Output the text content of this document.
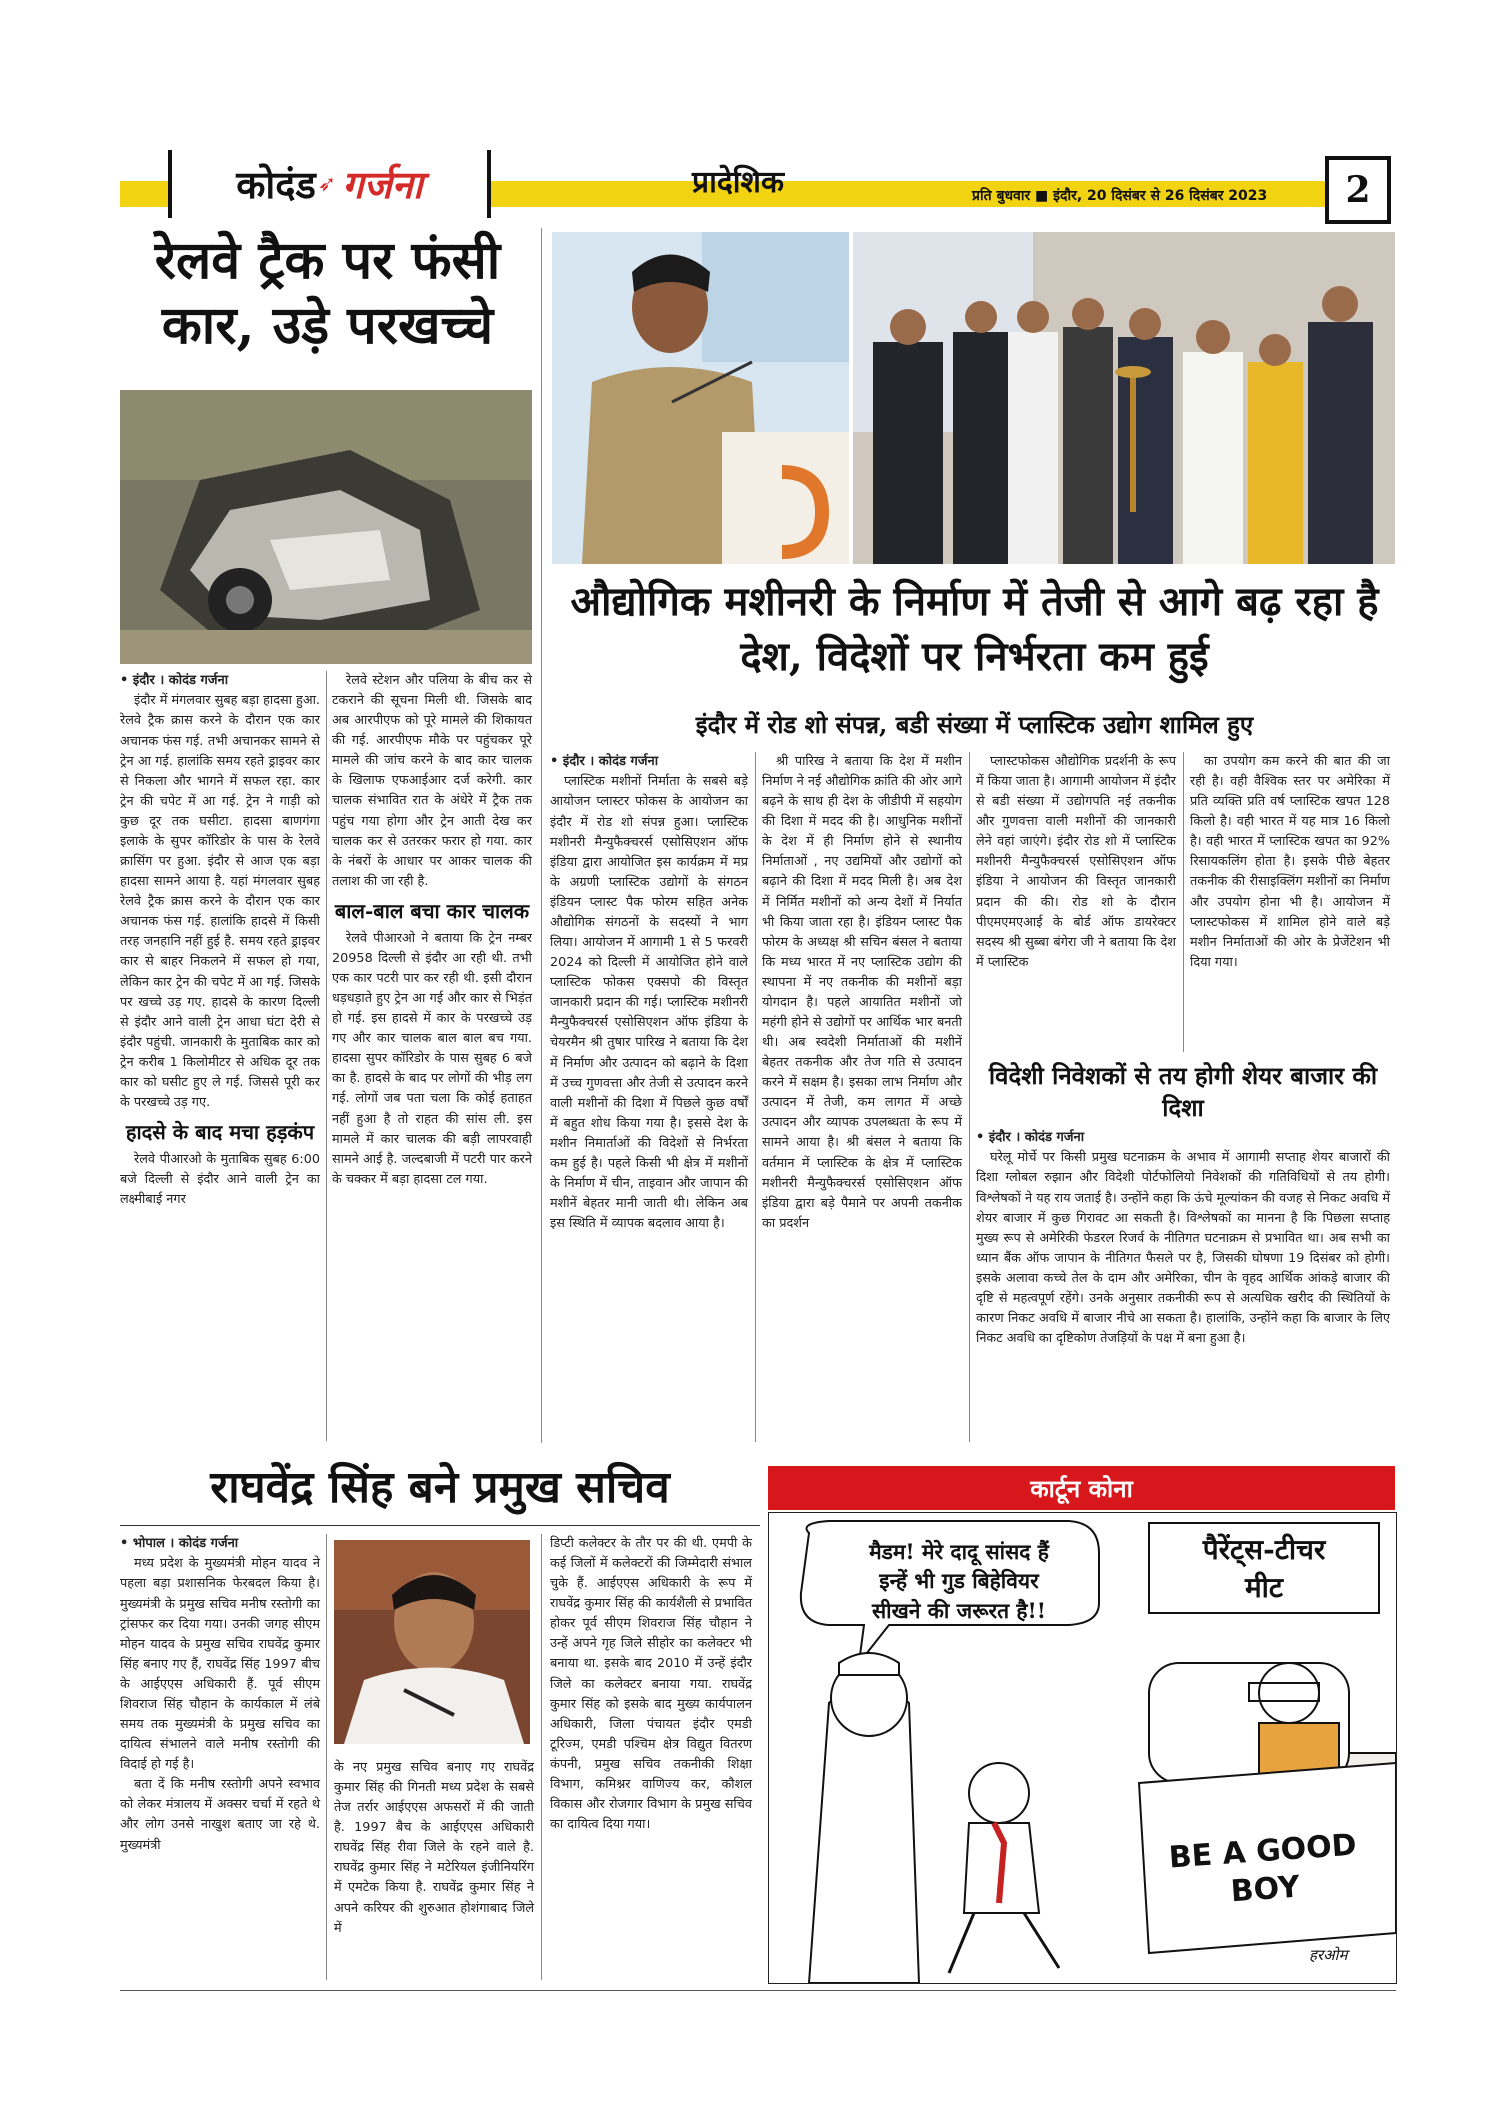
कोदंड ➶ गर्जना	प्रादेशिक	प्रति बुधवार ■ इंदौर, 20 दिसंबर से 26 दिसंबर 2023	2
रेलवे ट्रैक पर फंसी कार, उड़े परखच्चे
• इंदौर । कोदंड गर्जना

इंदौर में मंगलवार सुबह बड़ा हादसा हुआ. रेलवे ट्रैक क्रास करने के दौरान एक कार अचानक फंस गई. तभी अचानकर सामने से ट्रेन आ गई. हालांकि समय रहते ड्राइवर कार से निकला और भागने में सफल रहा. कार ट्रेन की चपेट में आ गई. ट्रेन ने गाड़ी को कुछ दूर तक घसीटा. हादसा बाणगंगा इलाके के सुपर कॉरिडोर के पास के रेलवे क्रासिंग पर हुआ. इंदौर से आज एक बड़ा हादसा सामने आया है. यहां मंगलवार सुबह रेलवे ट्रैक क्रास करने के दौरान एक कार अचानक फंस गई. हालांकि हादसे में किसी तरह जनहानि नहीं हुई है. समय रहते ड्राइवर कार से बाहर निकलने में सफल हो गया, लेकिन कार ट्रेन की चपेट में आ गई. जिसके पर खच्चे उड़ गए. हादसे के कारण दिल्ली से इंदौर आने वाली ट्रेन आधा घंटा देरी से इंदौर पहुंची. जानकारी के मुताबिक कार को ट्रेन करीब 1 किलोमीटर से अधिक दूर तक कार को घसीट हुए ले गई. जिससे पूरी कर के परखच्चे उड़ गए.

हादसे के बाद मचा हड़कंप

रेलवे पीआरओ के मुताबिक सुबह 6:00 बजे दिल्ली से इंदौर आने वाली ट्रेन का लक्ष्मीबाई नगर

रेलवे स्टेशन और पलिया के बीच कर से टकराने की सूचना मिली थी. जिसके बाद अब आरपीएफ को पूरे मामले की शिकायत की गई. आरपीएफ मौके पर पहुंचकर पूरे मामले की जांच करने के बाद कार चालक के खिलाफ एफआईआर दर्ज करेगी. कार चालक संभावित रात के अंधेरे में ट्रैक तक पहुंच गया होगा और ट्रेन आती देख कर चालक कर से उतरकर फरार हो गया. कार के नंबरों के आधार पर आकर चालक की तलाश की जा रही है.

बाल-बाल बचा कार चालक

रेलवे पीआरओ ने बताया कि ट्रेन नम्बर 20958 दिल्ली से इंदौर आ रही थी. तभी एक कार पटरी पार कर रही थी. इसी दौरान धड़धड़ाते हुए ट्रेन आ गई और कार से भिड़ंत हो गई. इस हादसे में कार के परखच्चे उड़ गए और कार चालक बाल बाल बच गया. हादसा सुपर कॉरिडोर के पास सुबह 6 बजे का है. हादसे के बाद पर लोगों की भीड़ लग गई. लोगों जब पता चला कि कोई हताहत नहीं हुआ है तो राहत की सांस ली. इस मामले में कार चालक की बड़ी लापरवाही सामने आई है. जल्दबाजी में पटरी पार करने के चक्कर में बड़ा हादसा टल गया.

औद्योगिक मशीनरी के निर्माण में तेजी से आगे बढ़ रहा है देश, विदेशों पर निर्भरता कम हुई
इंदौर में रोड शो संपन्न, बडी संख्या में प्लास्टिक उद्योग शामिल हुए
• इंदौर । कोदंड गर्जना

प्लास्टिक मशीनों निर्माता के सबसे बड़े आयोजन प्लास्टर फोकस के आयोजन का इंदौर में रोड शो संपन्न हुआ। प्लास्टिक मशीनरी मैन्युफैक्चरर्स एसोसिएशन ऑफ इंडिया द्वारा आयोजित इस कार्यक्रम में मप्र के अग्रणी प्लास्टिक उद्योगों के संगठन इंडियन प्लास्ट पैक फोरम सहित अनेक औद्योगिक संगठनों के सदस्यों ने भाग लिया। आयोजन में आगामी 1 से 5 फरवरी 2024 को दिल्ली में आयोजित होने वाले प्लास्टिक फोकस एक्सपो की विस्तृत जानकारी प्रदान की गई। प्लास्टिक मशीनरी मैन्युफैक्चरर्स एसोसिएशन ऑफ इंडिया के चेयरमैन श्री तुषार पारिख ने बताया कि देश में निर्माण और उत्पादन को बढ़ाने के दिशा में उच्च गुणवत्ता और तेजी से उत्पादन करने वाली मशीनों की दिशा में पिछले कुछ वर्षों में बहुत शोध किया गया है। इससे देश के मशीन निमार्ताओं की विदेशों से निर्भरता कम हुई है। पहले किसी भी क्षेत्र में मशीनों के निर्माण में चीन, ताइवान और जापान की मशीनें बेहतर मानी जाती थी। लेकिन अब इस स्थिति में व्यापक बदलाव आया है।

श्री पारिख ने बताया कि देश में मशीन निर्माण ने नई औद्योगिक क्रांति की ओर आगे बढ़ने के साथ ही देश के जीडीपी में सहयोग की दिशा में मदद की है। आधुनिक मशीनों के देश में ही निर्माण होने से स्थानीय निर्माताओं , नए उद्यमियों और उद्योगों को बढ़ाने की दिशा में मदद मिली है। अब देश में निर्मित मशीनों को अन्य देशों में निर्यात भी किया जाता रहा है। इंडियन प्लास्ट पैक फोरम के अध्यक्ष श्री सचिन बंसल ने बताया कि मध्य भारत में नए प्लास्टिक उद्योग की स्थापना में नए तकनीक की मशीनों बड़ा योगदान है। पहले आयातित मशीनों जो महंगी होने से उद्योगों पर आर्थिक भार बनती थी। अब स्वदेशी निर्माताओं की मशीनें बेहतर तकनीक और तेज गति से उत्पादन करने में सक्षम है। इसका लाभ निर्माण और उत्पादन में तेजी, कम लागत में अच्छे उत्पादन और व्यापक उपलब्धता के रूप में सामने आया है। श्री बंसल ने बताया कि वर्तमान में प्लास्टिक के क्षेत्र में प्लास्टिक मशीनरी मैन्युफैक्चरर्स एसोसिएशन ऑफ इंडिया द्वारा बड़े पैमाने पर अपनी तकनीक का प्रदर्शन

प्लास्टफोकस औद्योगिक प्रदर्शनी के रूप में किया जाता है। आगामी आयोजन में इंदौर से बडी संख्या में उद्योगपति नई तकनीक और गुणवत्ता वाली मशीनों की जानकारी लेने वहां जाएंगे। इंदौर रोड शो में प्लास्टिक मशीनरी मैन्युफैक्चरर्स एसोसिएशन ऑफ इंडिया ने आयोजन की विस्तृत जानकारी प्रदान की की। रोड शो के दौरान पीएमएमएआई के बोर्ड ऑफ डायरेक्टर सदस्य श्री सुब्बा बंगेरा जी ने बताया कि देश में प्लास्टिक

का उपयोग कम करने की बात की जा रही है। वही वैश्विक स्तर पर अमेरिका में प्रति व्यक्ति प्रति वर्ष प्लास्टिक खपत 128 किलो है। वही भारत में यह मात्र 16 किलो है। वही भारत में प्लास्टिक खपत का 92% रिसायकलिंग होता है। इसके पीछे बेहतर तकनीक की रीसाइक्लिंग मशीनों का निर्माण और उपयोग होना भी है। आयोजन में प्लास्टफोकस में शामिल होने वाले बड़े मशीन निर्माताओं की ओर के प्रेजेंटेशन भी दिया गया।

विदेशी निवेशकों से तय होगी शेयर बाजार की दिशा
• इंदौर । कोदंड गर्जना

घरेलू मोर्चे पर किसी प्रमुख घटनाक्रम के अभाव में आगामी सप्ताह शेयर बाजारों की दिशा ग्लोबल रुझान और विदेशी पोर्टफोलियो निवेशकों की गतिविधियों से तय होगी। विश्लेषकों ने यह राय जताई है। उन्होंने कहा कि ऊंचे मूल्यांकन की वजह से निकट अवधि में शेयर बाजार में कुछ गिरावट आ सकती है। विश्लेषकों का मानना है कि पिछला सप्ताह मुख्य रूप से अमेरिकी फेडरल रिजर्व के नीतिगत घटनाक्रम से प्रभावित था। अब सभी का ध्यान बैंक ऑफ जापान के नीतिगत फैसले पर है, जिसकी घोषणा 19 दिसंबर को होगी। इसके अलावा कच्चे तेल के दाम और अमेरिका, चीन के वृहद आर्थिक आंकड़े बाजार की दृष्टि से महत्वपूर्ण रहेंगे। उनके अनुसार तकनीकी रूप से अत्यधिक खरीद की स्थितियों के कारण निकट अवधि में बाजार नीचे आ सकता है। हालांकि, उन्होंने कहा कि बाजार के लिए निकट अवधि का दृष्टिकोण तेजड़ियों के पक्ष में बना हुआ है।

राघवेंद्र सिंह बने प्रमुख सचिव
• भोपाल । कोदंड गर्जना

मध्य प्रदेश के मुख्यमंत्री मोहन यादव ने पहला बड़ा प्रशासनिक फेरबदल किया है। मुख्यमंत्री के प्रमुख सचिव मनीष रस्तोगी का ट्रांसफर कर दिया गया। उनकी जगह सीएम मोहन यादव के प्रमुख सचिव राघवेंद्र कुमार सिंह बनाए गए हैं, राघवेंद्र सिंह 1997 बीच के आईएएस अधिकारी हैं. पूर्व सीएम शिवराज सिंह चौहान के कार्यकाल में लंबे समय तक मुख्यमंत्री के प्रमुख सचिव का दायित्व संभालने वाले मनीष रस्तोगी की विदाई हो गई है।

बता दें कि मनीष रस्तोगी अपने स्वभाव को लेकर मंत्रालय में अक्सर चर्चा में रहते थे और लोग उनसे नाखुश बताए जा रहे थे. मुख्यमंत्री

के नए प्रमुख सचिव बनाए गए राघवेंद्र कुमार सिंह की गिनती मध्य प्रदेश के सबसे तेज तर्रार आईएएस अफसरों में की जाती है. 1997 बैच के आईएएस अधिकारी राघवेंद्र सिंह रीवा जिले के रहने वाले है. राघवेंद्र कुमार सिंह ने मटेरियल इंजीनियरिंग में एमटेक किया है. राघवेंद्र कुमार सिंह ने अपने करियर की शुरुआत होशंगाबाद जिले में

डिप्टी कलेक्टर के तौर पर की थी. एमपी के कई जिलों में कलेक्टरों की जिम्मेदारी संभाल चुके हैं. आईएएस अधिकारी के रूप में राघवेंद्र कुमार सिंह की कार्यशैली से प्रभावित होकर पूर्व सीएम शिवराज सिंह चौहान ने उन्हें अपने गृह जिले सीहोर का कलेक्टर भी बनाया था. इसके बाद 2010 में उन्हें इंदौर जिले का कलेक्टर बनाया गया. राघवेंद्र कुमार सिंह को इसके बाद मुख्य कार्यपालन अधिकारी, जिला पंचायत इंदौर एमडी टूरिज्म, एमडी पश्चिम क्षेत्र विद्युत वितरण कंपनी, प्रमुख सचिव तकनीकी शिक्षा विभाग, कमिश्नर वाणिज्य कर, कौशल विकास और रोजगार विभाग के प्रमुख सचिव का दायित्व दिया गया।

कार्टून कोना
मैडम! मेरे दादू सांसद हैं
इन्हें भी गुड बिहेवियर
सीखने की जरूरत है!!
पैरेंट्स-टीचर
मीट
BE A GOOD
BOY
हरओम
